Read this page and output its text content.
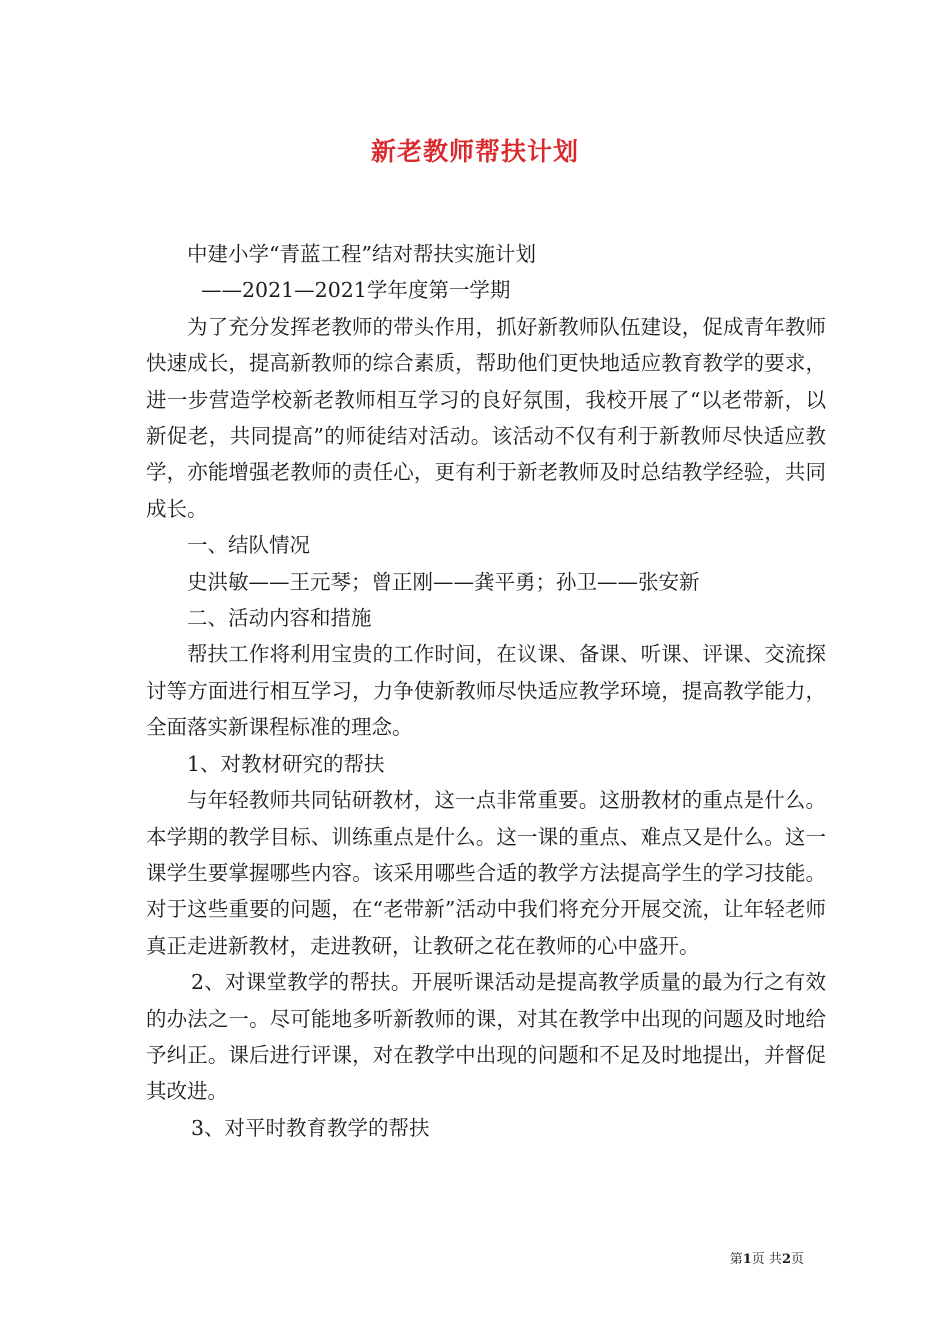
新老教师帮扶计划

中建小学“青蓝工程”结对帮扶实施计划

——2021—2021学年度第一学期

为了充分发挥老教师的带头作用，抓好新教师队伍建设，促成青年教师快速成长，提高新教师的综合素质，帮助他们更快地适应教育教学的要求，进一步营造学校新老教师相互学习的良好氛围，我校开展了“以老带新，以新促老，共同提高”的师徒结对活动。该活动不仅有利于新教师尽快适应教学，亦能增强老教师的责任心，更有利于新老教师及时总结教学经验，共同成长。

一、结队情况

史洪敏——王元琴；曾正刚——龚平勇；孙卫——张安新

二、活动内容和措施

帮扶工作将利用宝贵的工作时间，在议课、备课、听课、评课、交流探讨等方面进行相互学习，力争使新教师尽快适应教学环境，提高教学能力，全面落实新课程标准的理念。

1、对教材研究的帮扶

与年轻教师共同钻研教材，这一点非常重要。这册教材的重点是什么。本学期的教学目标、训练重点是什么。这一课的重点、难点又是什么。这一课学生要掌握哪些内容。该采用哪些合适的教学方法提高学生的学习技能。对于这些重要的问题，在“老带新”活动中我们将充分开展交流，让年轻老师真正走进新教材，走进教研，让教研之花在教师的心中盛开。

2、对课堂教学的帮扶。开展听课活动是提高教学质量的最为行之有效的办法之一。尽可能地多听新教师的课，对其在教学中出现的问题及时地给予纠正。课后进行评课，对在教学中出现的问题和不足及时地提出，并督促其改进。

3、对平时教育教学的帮扶

第1页 共2页
